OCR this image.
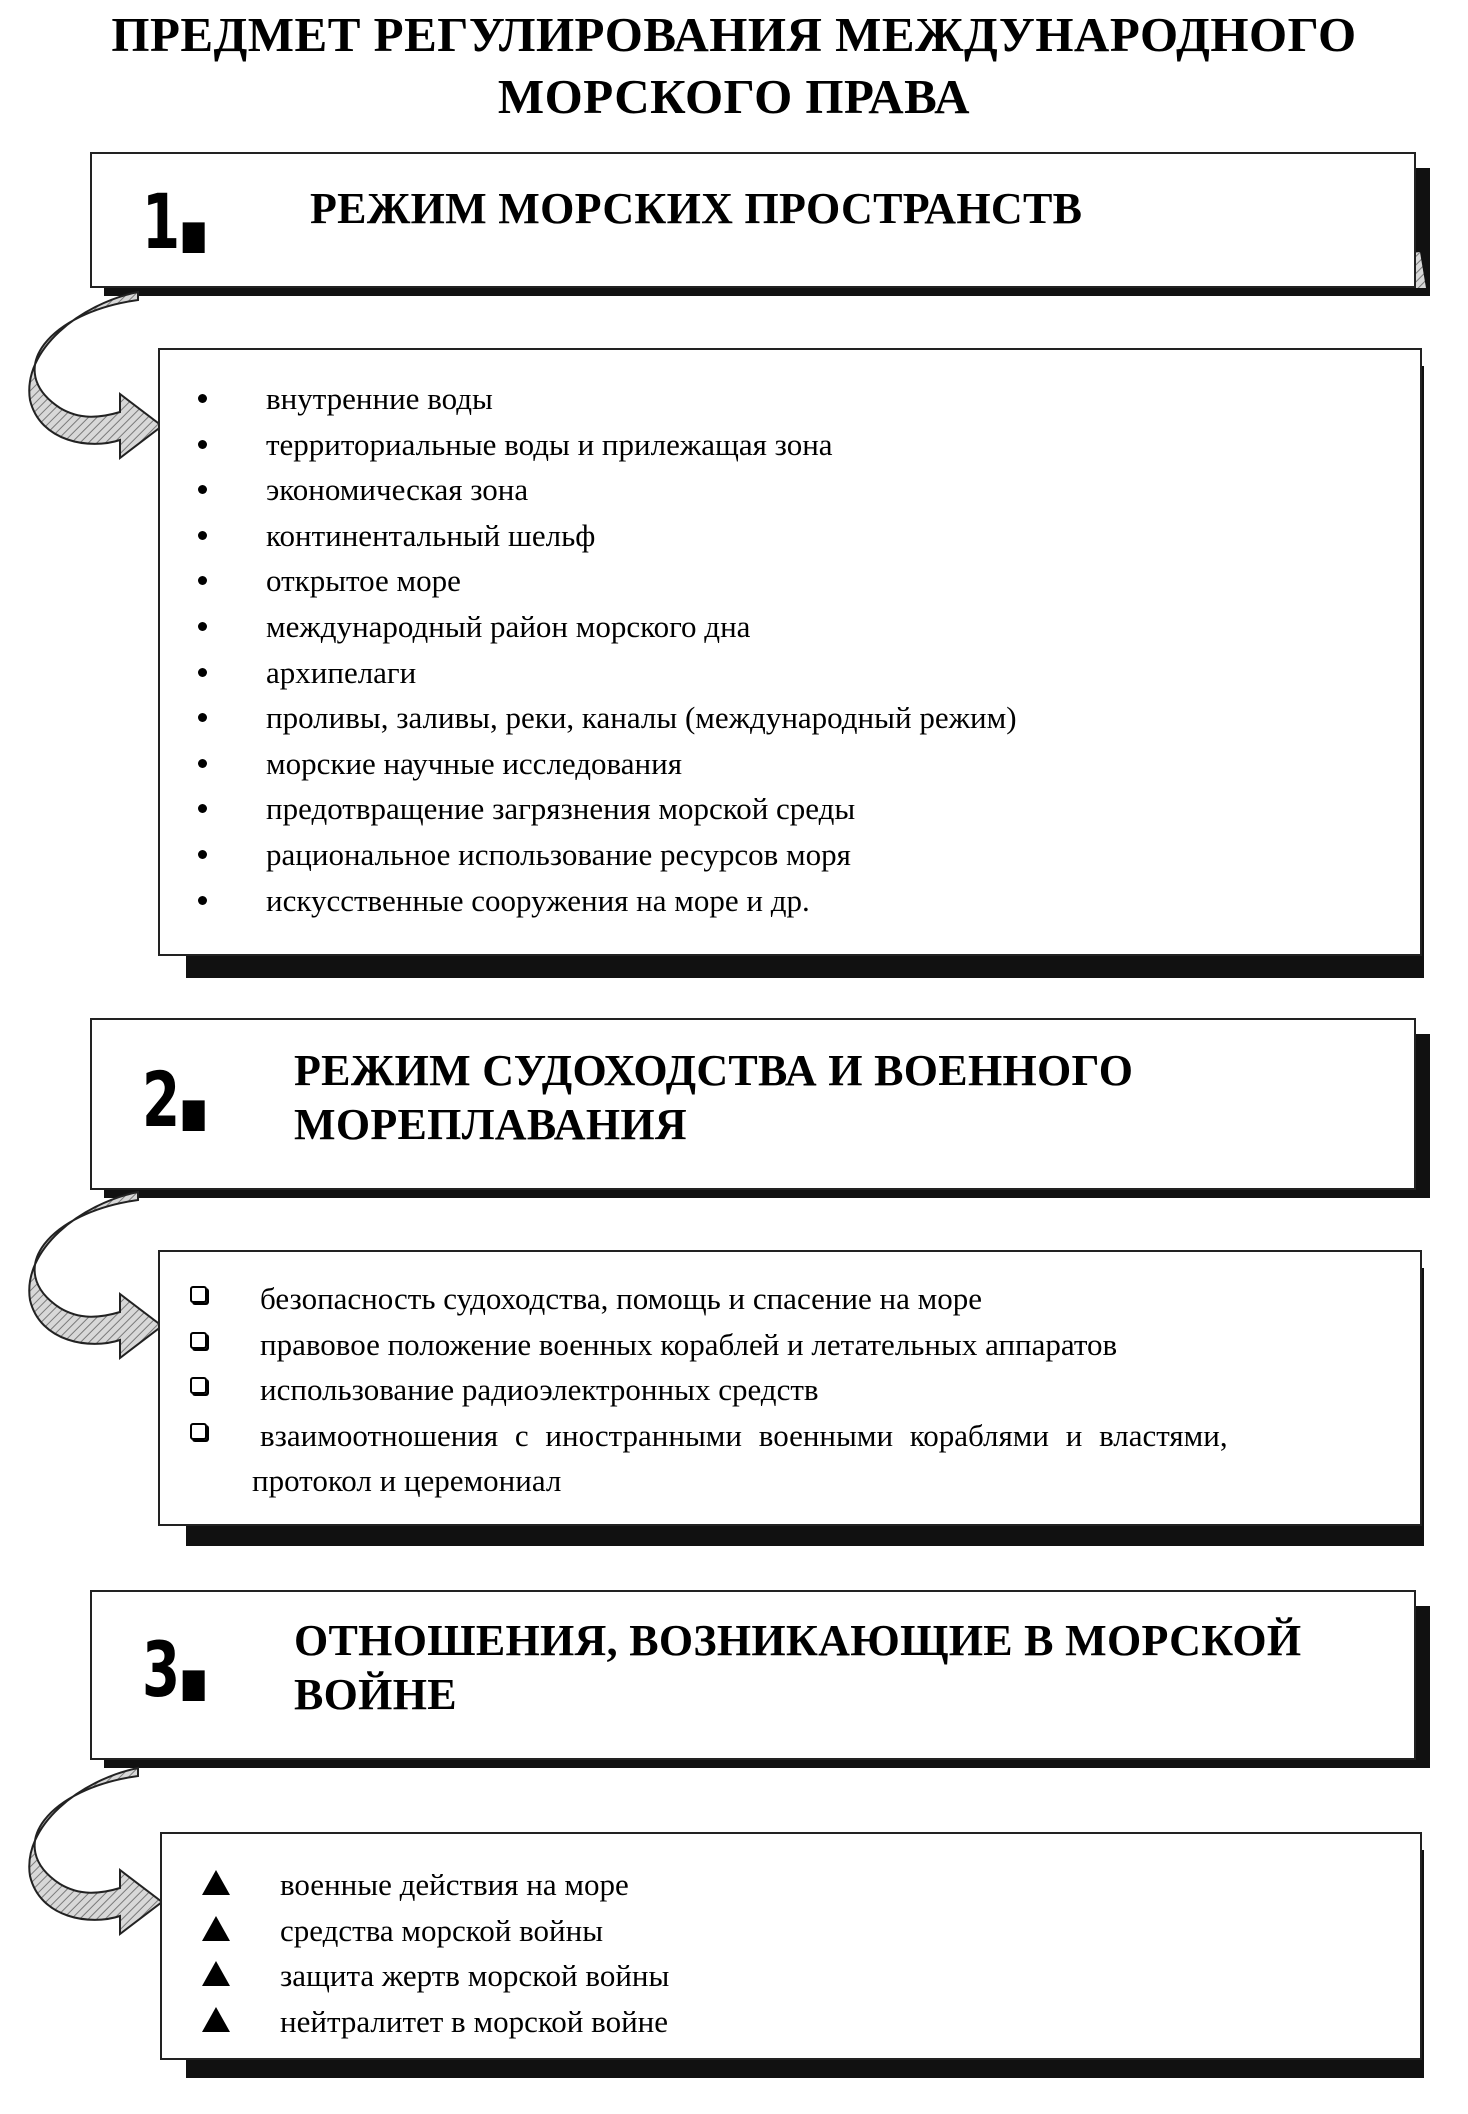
ПРЕДМЕТ РЕГУЛИРОВАНИЯ МЕЖДУНАРОДНОГО
МОРСКОГО ПРАВА
1■
РЕЖИМ МОРСКИХ ПРОСТРАНСТВ
внутренние воды
территориальные воды и прилежащая зона
экономическая зона
континентальный шельф
открытое море
международный район морского дна
архипелаги
проливы, заливы, реки, каналы (международный режим)
морские научные исследования
предотвращение загрязнения морской среды
рациональное использование ресурсов моря
искусственные сооружения на море и др.
2■
РЕЖИМ СУДОХОДСТВА И ВОЕННОГО
МОРЕПЛАВАНИЯ
безопасность судоходства, помощь и спасение на море
правовое положение военных кораблей и летательных аппаратов
использование радиоэлектронных средств
взаимоотношения с иностранными военными кораблями и властями,
протокол и церемониал
3■
ОТНОШЕНИЯ, ВОЗНИКАЮЩИЕ В МОРСКОЙ
ВОЙНЕ
военные действия на море
средства морской войны
защита жертв морской войны
нейтралитет в морской войне
